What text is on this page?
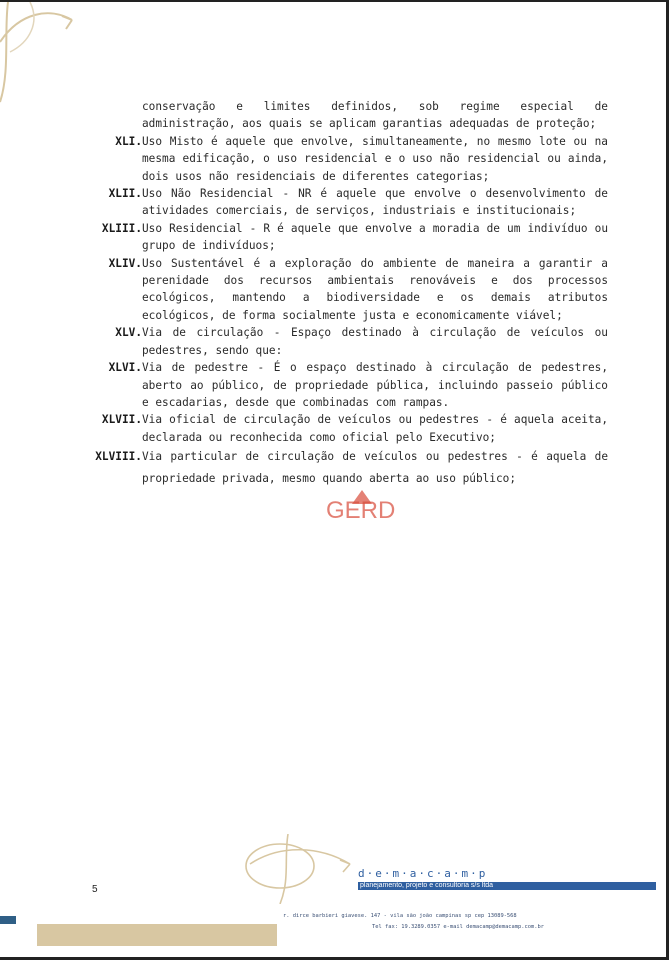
conservação e limites definidos, sob regime especial de administração, aos quais se aplicam garantias adequadas de proteção;
XLI. Uso Misto é aquele que envolve, simultaneamente, no mesmo lote ou na mesma edificação, o uso residencial e o uso não residencial ou ainda, dois usos não residenciais de diferentes categorias;
XLII. Uso Não Residencial - NR é aquele que envolve o desenvolvimento de atividades comerciais, de serviços, industriais e institucionais;
XLIII. Uso Residencial - R é aquele que envolve a moradia de um indivíduo ou grupo de indivíduos;
XLIV. Uso Sustentável é a exploração do ambiente de maneira a garantir a perenidade dos recursos ambientais renováveis e dos processos ecológicos, mantendo a biodiversidade e os demais atributos ecológicos, de forma socialmente justa e economicamente viável;
XLV. Via de circulação - Espaço destinado à circulação de veículos ou pedestres, sendo que:
XLVI. Via de pedestre - É o espaço destinado à circulação de pedestres, aberto ao público, de propriedade pública, incluindo passeio público e escadarias, desde que combinadas com rampas.
XLVII. Via oficial de circulação de veículos ou pedestres - é aquela aceita, declarada ou reconhecida como oficial pelo Executivo;
XLVIII. Via particular de circulação de veículos ou pedestres - é aquela de propriedade privada, mesmo quando aberta ao uso público;
GERD
d·e·m·a·c·a·m·p
planejamento, projeto e consultoria s/s ltda
5
r. dirce barbieri giavese. 147 - vila são joão campinas sp cep 13089-568
Tel fax: 19.3289.0357 e-mail demacamp@demacamp.com.br
